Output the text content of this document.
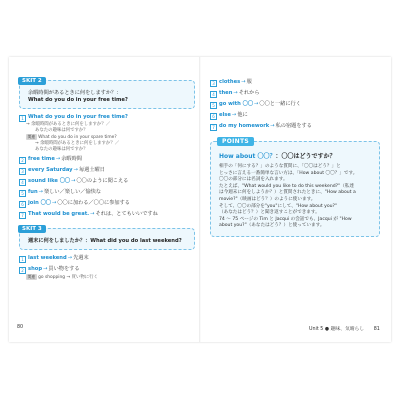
SKIT 2
余暇時間があるときに何をしますか？：
What do you do in your free time?
1 What do you do in your free time?
→ 余暇時間があるときに何をしますか？／
あなたの趣味は何ですか？
関連 What do you do in your spare time?
→ 余暇時間があるときに何をしますか？／
あなたの趣味は何ですか？
2 free time → 余暇時間
3 every Saturday → 毎週土曜日
4 sound like 〇〇 → 〇〇のように聞こえる
5 fun → 楽しい／楽しい／愉快な
6 join 〇〇 → 〇〇に加わる／〇〇に参加する
7 That would be great. → それは、とてもいいですね
SKIT 3
週末に何をしましたか？：What did you do last weekend?
1 last weekend → 先週末
2 shop → 買い物をする
関連 go shopping → 買い物に行く
80
3 clothes → 服
4 then → それから
5 go with 〇〇 → 〇〇と一緒に行く
6 else → 他に
7 do my homework → 私の宿題をする
POINTS
How about 〇〇？：〇〇はどうですか？

相手の「何にする？」のような質問に、「〇〇はどう？」と

とっさに言える一番簡単な言い方は、「How about 〇〇？」です。

〇〇の部分には名詞を入れます。

たとえば、"What would you like to do this weekend?"（私達

は今週末に何をしようか？）と質問されたときに、"How about a

movie?"（映画はどう？）のように使います。

そして、〇〇の部分を"you"にして、"How about you?"

（あなたはどう？）と聞き返すことができます。

74 ～ 75 ページの Tim と Jacqui の会話でも、Jacqui が "How

about you?"（あなたはどう？）と使っています。

Unit 5 ● 趣味、気晴らし 81
